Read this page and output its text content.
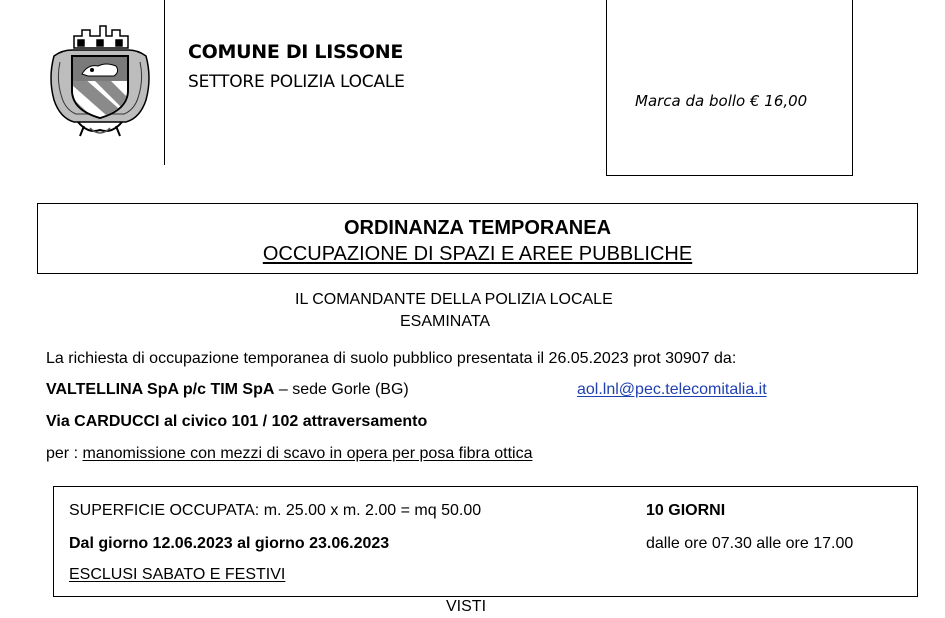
COMUNE DI LISSONE
SETTORE POLIZIA LOCALE
Marca da bollo € 16,00
ORDINANZA TEMPORANEA
OCCUPAZIONE DI SPAZI E AREE PUBBLICHE
IL COMANDANTE DELLA POLIZIA LOCALE
ESAMINATA
La richiesta di occupazione temporanea di suolo pubblico presentata il 26.05.2023 prot 30907 da:
VALTELLINA SpA p/c TIM SpA – sede Gorle (BG)	aol.lnl@pec.telecomitalia.it
Via CARDUCCI al civico 101 / 102 attraversamento
per : manomissione con mezzi di scavo in opera per posa fibra ottica
SUPERFICIE OCCUPATA: m. 25.00 x m. 2.00 = mq 50.00	10 GIORNI
Dal giorno 12.06.2023 al giorno 23.06.2023	dalle ore 07.30 alle ore 17.00
ESCLUSI SABATO E FESTIVI
VISTI
